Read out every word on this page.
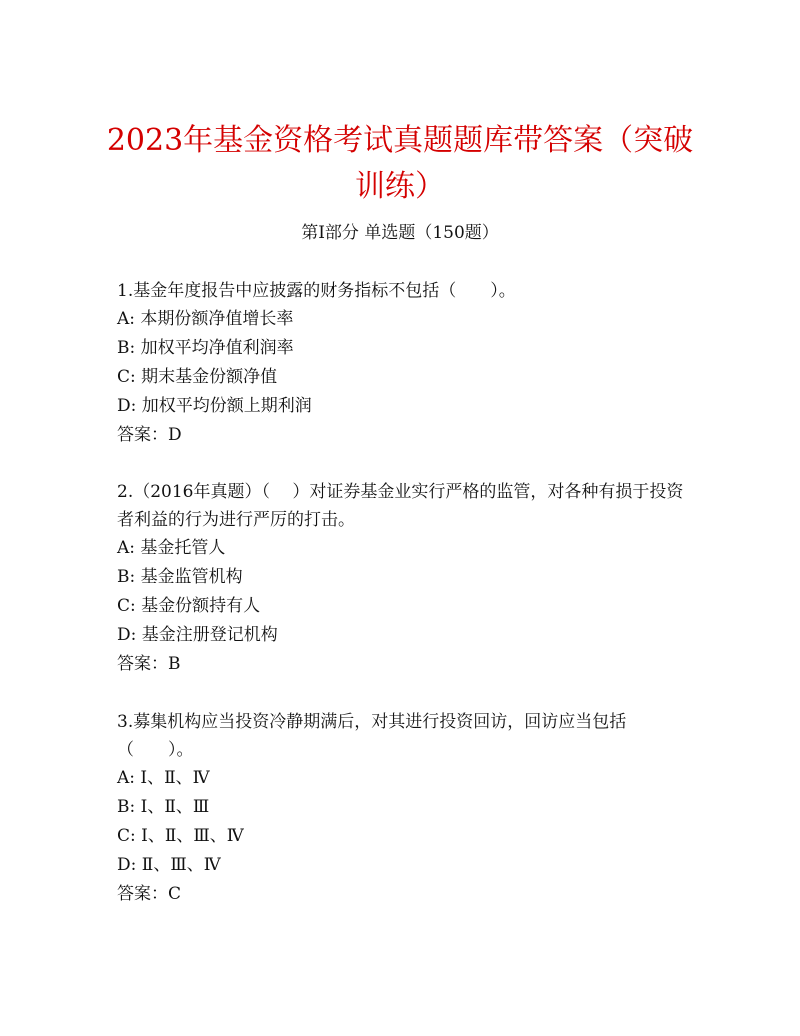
2023年基金资格考试真题题库带答案（突破训练）
第Ⅰ部分 单选题（150题）

1.基金年度报告中应披露的财务指标不包括（　　）。

A: 本期份额净值增长率

B: 加权平均净值利润率

C: 期末基金份额净值

D: 加权平均份额上期利润

答案：D

2.（2016年真题）（　 ）对证券基金业实行严格的监管，对各种有损于投资者利益的行为进行严厉的打击。

A: 基金托管人

B: 基金监管机构

C: 基金份额持有人

D: 基金注册登记机构

答案：B

3.募集机构应当投资冷静期满后，对其进行投资回访，回访应当包括（　　）。

A: Ⅰ、Ⅱ、Ⅳ

B: Ⅰ、Ⅱ、Ⅲ

C: Ⅰ、Ⅱ、Ⅲ、Ⅳ

D: Ⅱ、Ⅲ、Ⅳ

答案：C
